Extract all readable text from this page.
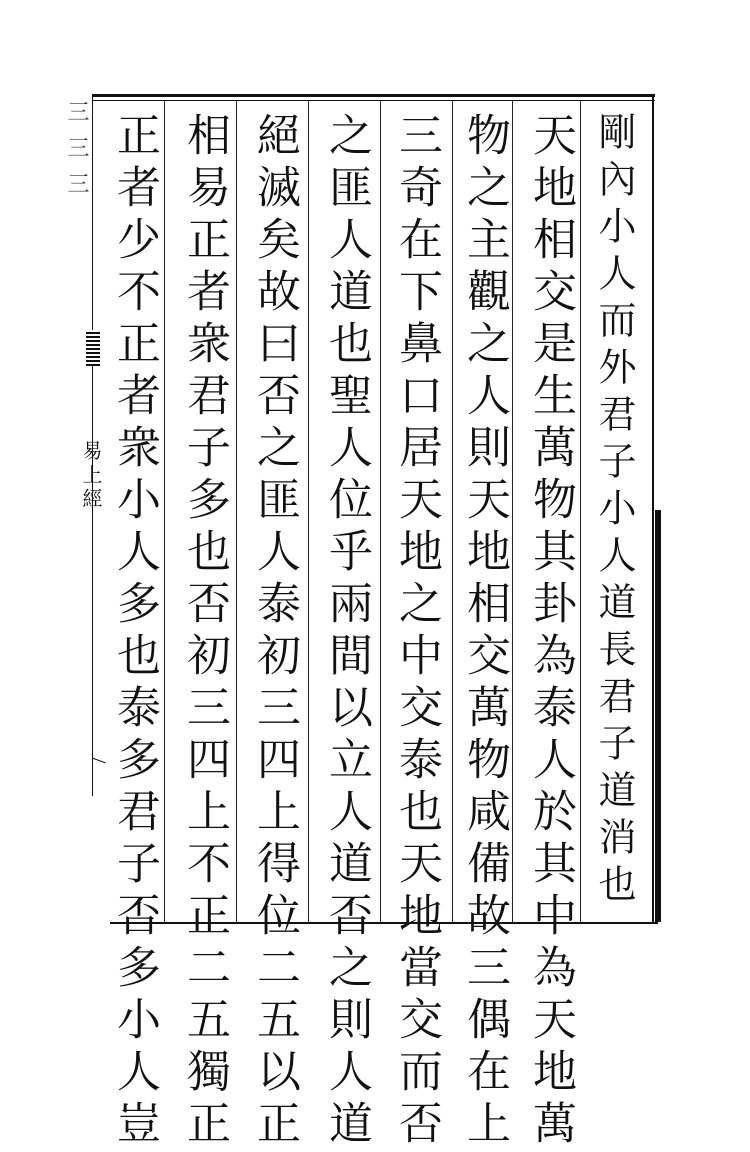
剛內小人而外君子小人道長君子道消也
天地相交是生萬物其卦為泰人於其中為天地萬
物之主觀之人則天地相交萬物咸備故三偶在上
三奇在下鼻口居天地之中交泰也天地當交而否
之匪人道也聖人位乎兩間以立人道否之則人道
絕滅矣故曰否之匪人泰初三四上得位二五以正
相易正者衆君子多也否初三四上不正二五獨正
正者少不正者衆小人多也泰多君子否多小人豈
三三三
易上經
